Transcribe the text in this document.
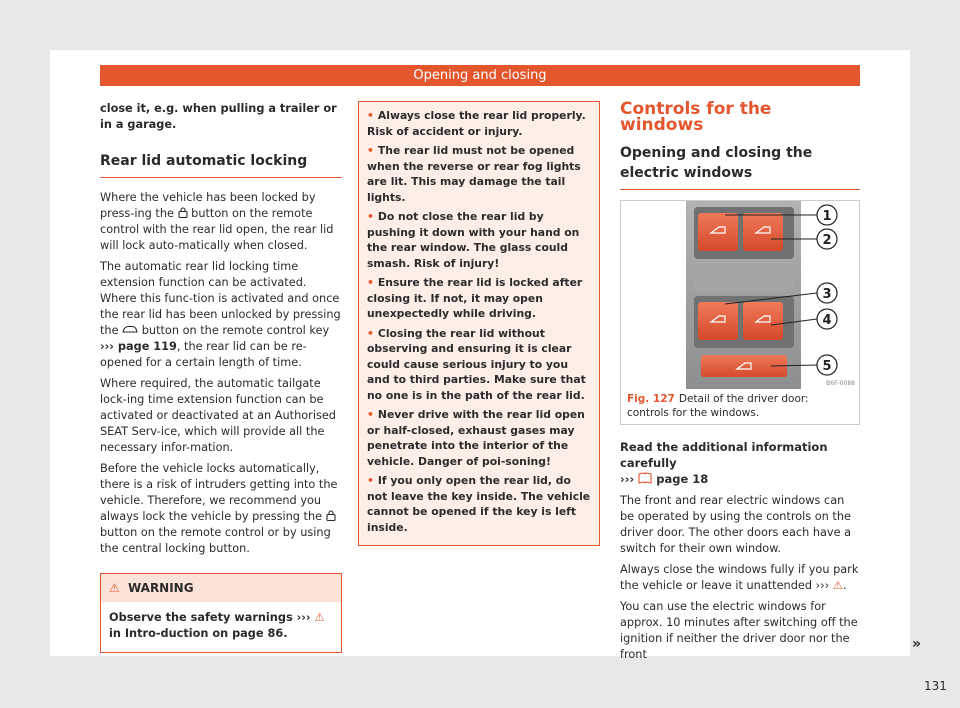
Opening and closing

close it, e.g. when pulling a trailer or in a garage.

Rear lid automatic locking

Where the vehicle has been locked by press-ing the button on the remote control with the rear lid open, the rear lid will lock auto-matically when closed.

The automatic rear lid locking time extension function can be activated. Where this func-tion is activated and once the rear lid has been unlocked by pressing the button on the remote control key ››› page 119, the rear lid can be re-opened for a certain length of time.

Where required, the automatic tailgate lock-ing time extension function can be activated or deactivated at an Authorised SEAT Serv-ice, which will provide all the necessary infor-mation.

Before the vehicle locks automatically, there is a risk of intruders getting into the vehicle. Therefore, we recommend you always lock the vehicle by pressing the  button on the remote control or by using the central locking button.

⚠ WARNING

Observe the safety warnings ››› ⚠ in Intro-duction on page 86.

• Always close the rear lid properly. Risk of accident or injury.
• The rear lid must not be opened when the reverse or rear fog lights are lit. This may damage the tail lights.
• Do not close the rear lid by pushing it down with your hand on the rear window. The glass could smash. Risk of injury!
• Ensure the rear lid is locked after closing it. If not, it may open unexpectedly while driving.
• Closing the rear lid without observing and ensuring it is clear could cause serious injury to you and to third parties. Make sure that no one is in the path of the rear lid.
• Never drive with the rear lid open or half-closed, exhaust gases may penetrate into the interior of the vehicle. Danger of poi-soning!
• If you only open the rear lid, do not leave the key inside. The vehicle cannot be opened if the key is left inside.
Controls for the windows
Opening and closing the electric windows
1
2
3
4
5
B6F-0088
Fig. 127 Detail of the driver door: controls for the windows.
Read the additional information carefully
›››  page 18

The front and rear electric windows can be operated by using the controls on the driver door. The other doors each have a switch for their own window.

Always close the windows fully if you park the vehicle or leave it unattended ››› ⚠.

You can use the electric windows for approx. 10 minutes after switching off the ignition if neither the driver door nor the front

»
131
